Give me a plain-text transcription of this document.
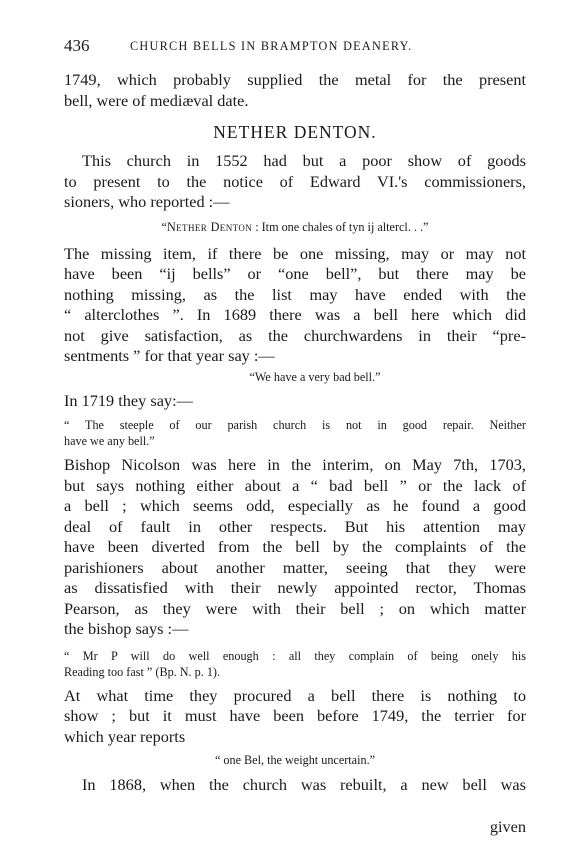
436	CHURCH BELLS IN BRAMPTON DEANERY.
1749, which probably supplied the metal for the present
bell, were of mediæval date.
NETHER DENTON.
This church in 1552 had but a poor show of goods
to present to the notice of Edward VI.'s commissioners,
sioners, who reported :—
“Nether Denton : Itm one chales of tyn ij altercl. . .”
The missing item, if there be one missing, may or may not
have been “ij bells” or “one bell”, but there may be
nothing missing, as the list may have ended with the
“ alterclothes ”. In 1689 there was a bell here which did
not give satisfaction, as the churchwardens in their “pre-
sentments ” for that year say :—
“We have a very bad bell.”
In 1719 they say:—
“ The steeple of our parish church is not in good repair. Neither
have we any bell.”
Bishop Nicolson was here in the interim, on May 7th, 1703,
but says nothing either about a “ bad bell ” or the lack of
a bell ; which seems odd, especially as he found a good
deal of fault in other respects. But his attention may
have been diverted from the bell by the complaints of the
parishioners about another matter, seeing that they were
as dissatisfied with their newly appointed rector, Thomas
Pearson, as they were with their bell ; on which matter
the bishop says :—
“ Mr P will do well enough : all they complain of being onely his
Reading too fast ” (Bp. N. p. 1).
At what time they procured a bell there is nothing to
show ; but it must have been before 1749, the terrier for
which year reports
“ one Bel, the weight uncertain.”
In 1868, when the church was rebuilt, a new bell was
given
